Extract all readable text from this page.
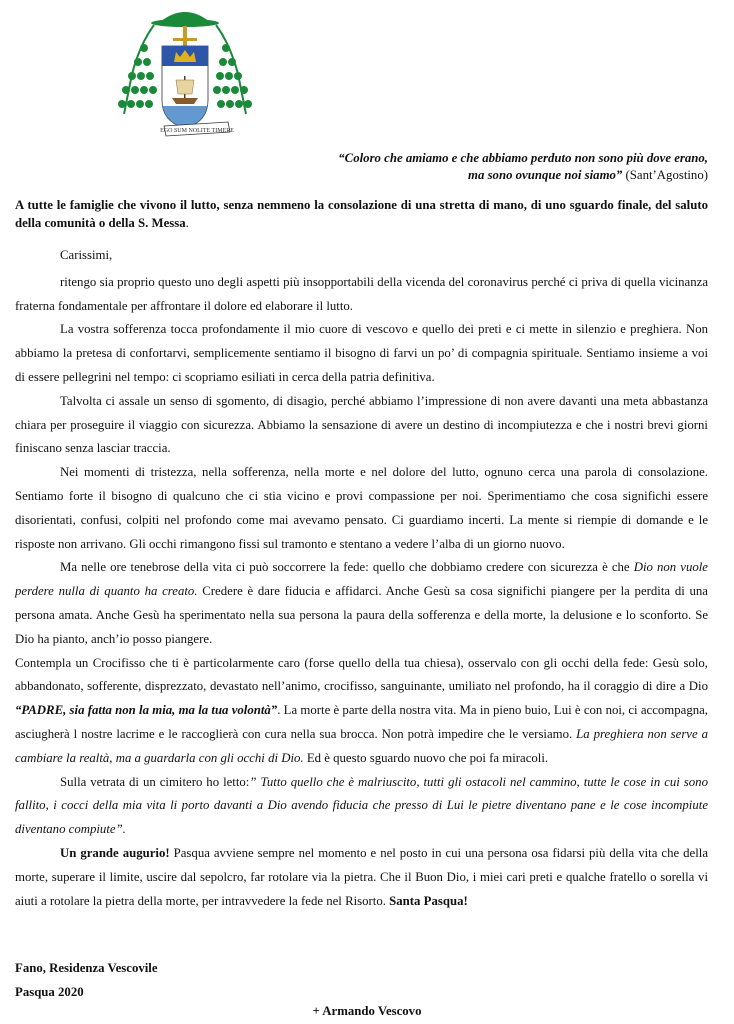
EGO SUM NOLITE TIMERE
“Coloro che amiamo e che abbiamo perduto non sono più dove erano,
ma sono ovunque noi siamo” (Sant’Agostino)
A tutte le famiglie che vivono il lutto, senza nemmeno la consolazione di una stretta di mano, di uno sguardo finale, del saluto della comunità o della S. Messa.

Carissimi,

ritengo sia proprio questo uno degli aspetti più insopportabili della vicenda del coronavirus perché ci priva di quella vicinanza fraterna fondamentale per affrontare il dolore ed elaborare il lutto.

La vostra sofferenza tocca profondamente il mio cuore di vescovo e quello dei preti e ci mette in silenzio e preghiera. Non abbiamo la pretesa di confortarvi, semplicemente sentiamo il bisogno di farvi un po’ di compagnia spirituale. Sentiamo insieme a voi di essere pellegrini nel tempo: ci scopriamo esiliati in cerca della patria definitiva.

Talvolta ci assale un senso di sgomento, di disagio, perché abbiamo l’impressione di non avere davanti una meta abbastanza chiara per proseguire il viaggio con sicurezza. Abbiamo la sensazione di avere un destino di incompiutezza e che i nostri brevi giorni finiscano senza lasciar traccia.

Nei momenti di tristezza, nella sofferenza, nella morte e nel dolore del lutto, ognuno cerca una parola di consolazione. Sentiamo forte il bisogno di qualcuno che ci stia vicino e provi compassione per noi. Sperimentiamo che cosa significhi essere disorientati, confusi, colpiti nel profondo come mai avevamo pensato. Ci guardiamo incerti. La mente si riempie di domande e le risposte non arrivano. Gli occhi rimangono fissi sul tramonto e stentano a vedere l’alba di un giorno nuovo.

Ma nelle ore tenebrose della vita ci può soccorrere la fede: quello che dobbiamo credere con sicurezza è che Dio non vuole perdere nulla di quanto ha creato. Credere è dare fiducia e affidarci. Anche Gesù sa cosa significhi piangere per la perdita di una persona amata. Anche Gesù ha sperimentato nella sua persona la paura della sofferenza e della morte, la delusione e lo sconforto. Se Dio ha pianto, anch’io posso piangere.

Contempla un Crocifisso che ti è particolarmente caro (forse quello della tua chiesa), osservalo con gli occhi della fede: Gesù solo, abbandonato, sofferente, disprezzato, devastato nell’animo, crocifisso, sanguinante, umiliato nel profondo, ha il coraggio di dire a Dio “PADRE, sia fatta non la mia, ma la tua volontà”. La morte è parte della nostra vita. Ma in pieno buio, Lui è con noi, ci accompagna, asciugherà l nostre lacrime e le raccoglierà con cura nella sua brocca. Non potrà impedire che le versiamo. La preghiera non serve a cambiare la realtà, ma a guardarla con gli occhi di Dio. Ed è questo sguardo nuovo che poi fa miracoli.

Sulla vetrata di un cimitero ho letto:” Tutto quello che è malriuscito, tutti gli ostacoli nel cammino, tutte le cose in cui sono fallito, i cocci della mia vita li porto davanti a Dio avendo fiducia che presso di Lui le pietre diventano pane e le cose incompiute diventano compiute”.

Un grande augurio! Pasqua avviene sempre nel momento e nel posto in cui una persona osa fidarsi più della vita che della morte, superare il limite, uscire dal sepolcro, far rotolare via la pietra. Che il Buon Dio, i miei cari preti e qualche fratello o sorella vi aiuti a rotolare la pietra della morte, per intravvedere la fede nel Risorto. Santa Pasqua!

Fano, Residenza Vescovile
Pasqua 2020
+ Armando Vescovo
